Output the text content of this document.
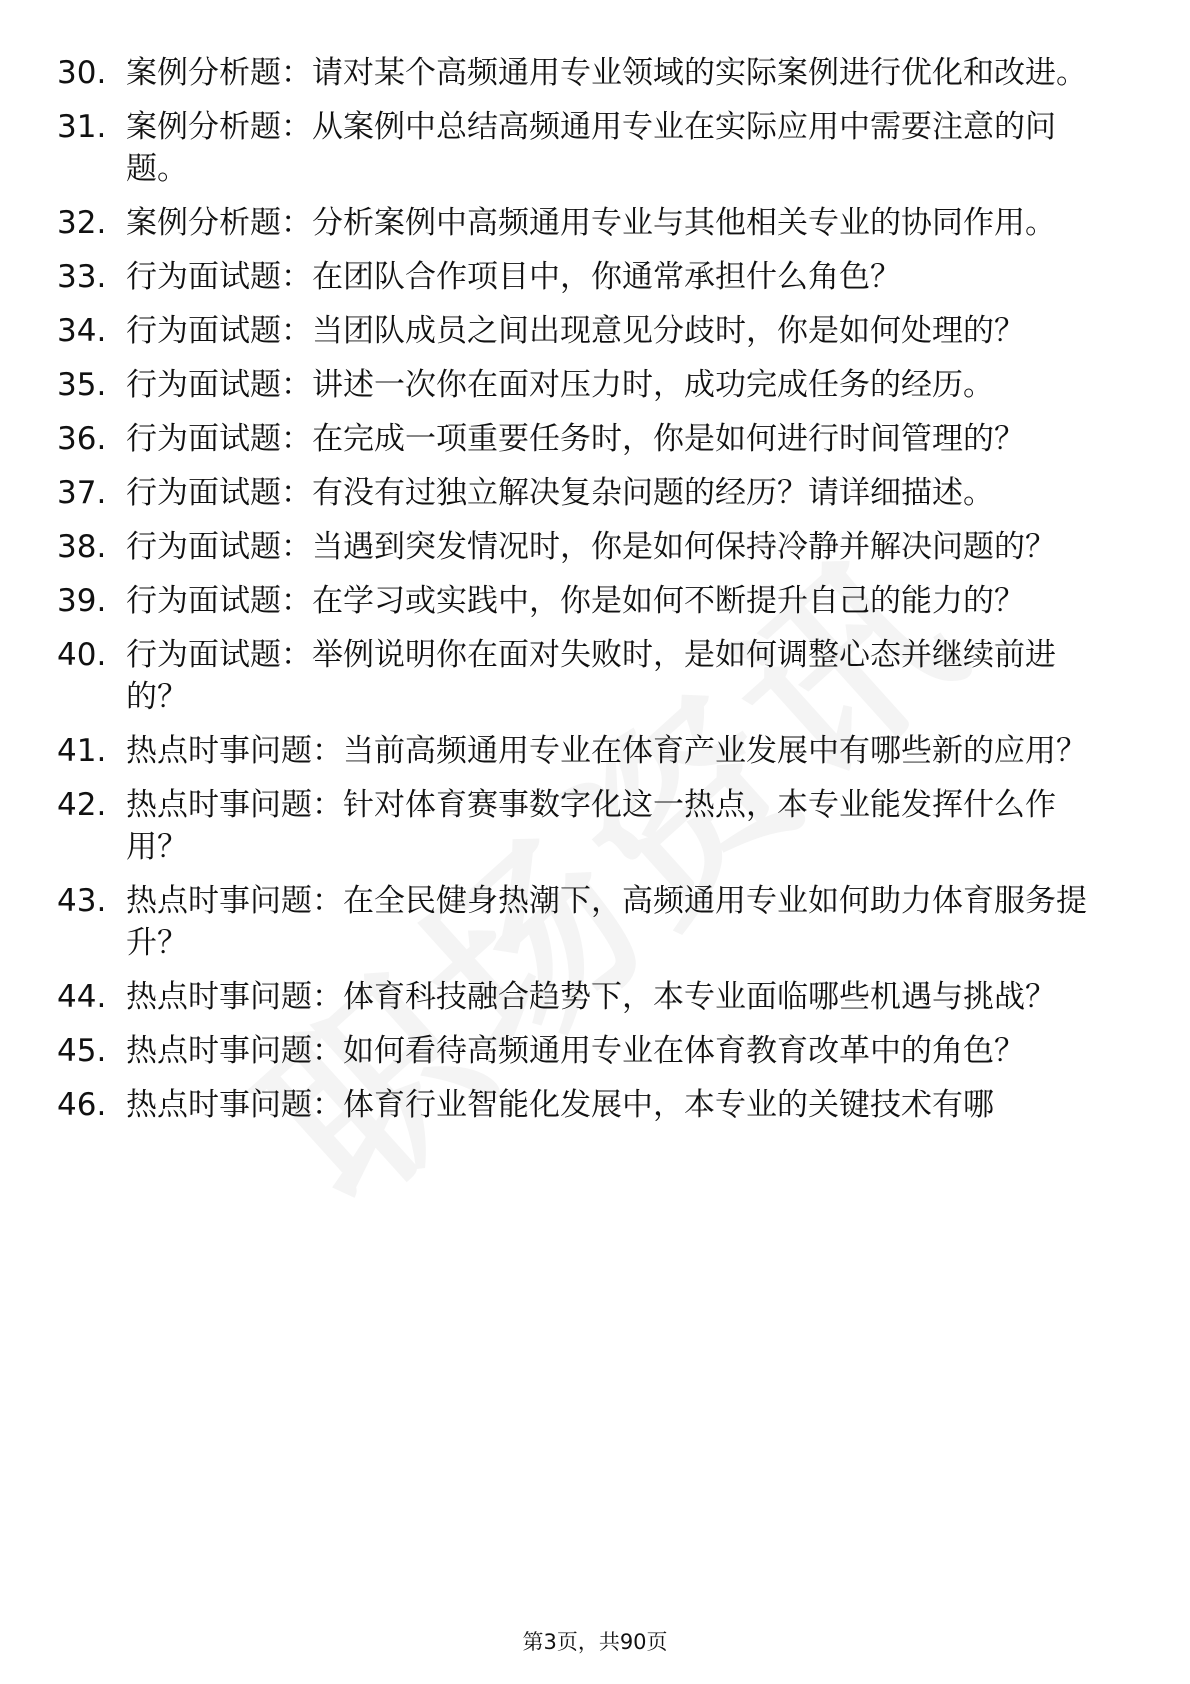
30. 案例分析题：请对某个高频通用专业领域的实际案例进行优化和改进。
31. 案例分析题：从案例中总结高频通用专业在实际应用中需要注意的问题。
32. 案例分析题：分析案例中高频通用专业与其他相关专业的协同作用。
33. 行为面试题：在团队合作项目中，你通常承担什么角色？
34. 行为面试题：当团队成员之间出现意见分歧时，你是如何处理的？
35. 行为面试题：讲述一次你在面对压力时，成功完成任务的经历。
36. 行为面试题：在完成一项重要任务时，你是如何进行时间管理的？
37. 行为面试题：有没有过独立解决复杂问题的经历？请详细描述。
38. 行为面试题：当遇到突发情况时，你是如何保持冷静并解决问题的？
39. 行为面试题：在学习或实践中，你是如何不断提升自己的能力的？
40. 行为面试题：举例说明你在面对失败时，是如何调整心态并继续前进的？
41. 热点时事问题：当前高频通用专业在体育产业发展中有哪些新的应用？
42. 热点时事问题：针对体育赛事数字化这一热点，本专业能发挥什么作用？
43. 热点时事问题：在全民健身热潮下，高频通用专业如何助力体育服务提升？
44. 热点时事问题：体育科技融合趋势下，本专业面临哪些机遇与挑战？
45. 热点时事问题：如何看待高频通用专业在体育教育改革中的角色？
46. 热点时事问题：体育行业智能化发展中，本专业的关键技术有哪
第3页，共90页
